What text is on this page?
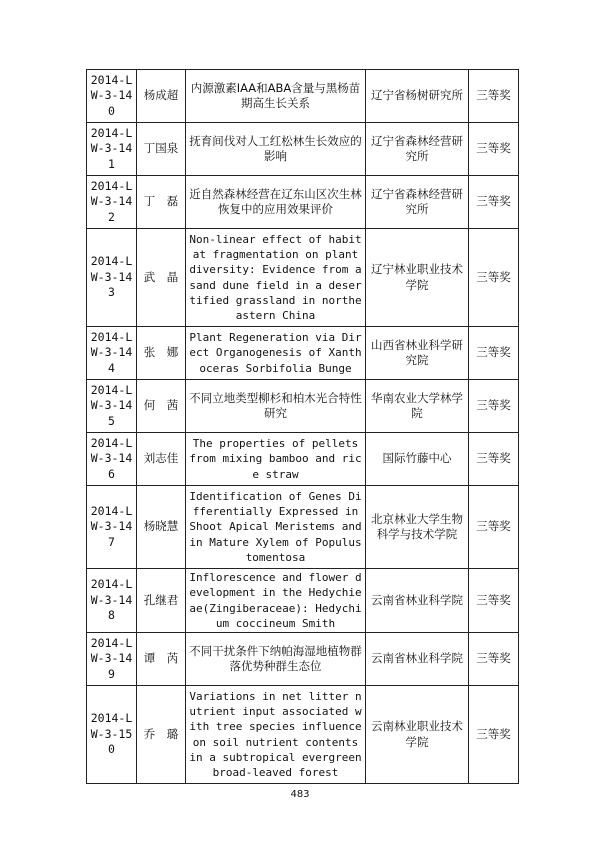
2014-LW-3-140	杨成超	内源激素IAA和ABA含量与黑杨苗期高生长关系	辽宁省杨树研究所	三等奖
2014-LW-3-141	丁国泉	抚育间伐对人工红松林生长效应的影响	辽宁省森林经营研究所	三等奖
2014-LW-3-142	丁　磊	近自然森林经营在辽东山区次生林恢复中的应用效果评价	辽宁省森林经营研究所	三等奖
2014-LW-3-143	武　晶	Non-linear effect of habitat fragmentation on plant diversity: Evidence from a sand dune field in a desertified grassland in northeastern China	辽宁林业职业技术学院	三等奖
2014-LW-3-144	张　娜	Plant Regeneration via Direct Organogenesis of Xanthoceras Sorbifolia Bunge	山西省林业科学研究院	三等奖
2014-LW-3-145	何　茜	不同立地类型柳杉和柏木光合特性研究	华南农业大学林学院	三等奖
2014-LW-3-146	刘志佳	The properties of pellets from mixing bamboo and rice straw	国际竹藤中心	三等奖
2014-LW-3-147	杨晓慧	Identification of Genes Differentially Expressed in Shoot Apical Meristems and in Mature Xylem of Populus tomentosa	北京林业大学生物科学与技术学院	三等奖
2014-LW-3-148	孔继君	Inflorescence and flower development in the Hedychieae(Zingiberaceae): Hedychium coccineum Smith	云南省林业科学院	三等奖
2014-LW-3-149	谭　芮	不同干扰条件下纳帕海湿地植物群落优势种群生态位	云南省林业科学院	三等奖
2014-LW-3-150	乔　璐	Variations in net litter nutrient input associated with tree species influence on soil nutrient contents in a subtropical evergreen broad-leaved forest	云南林业职业技术学院	三等奖
483
